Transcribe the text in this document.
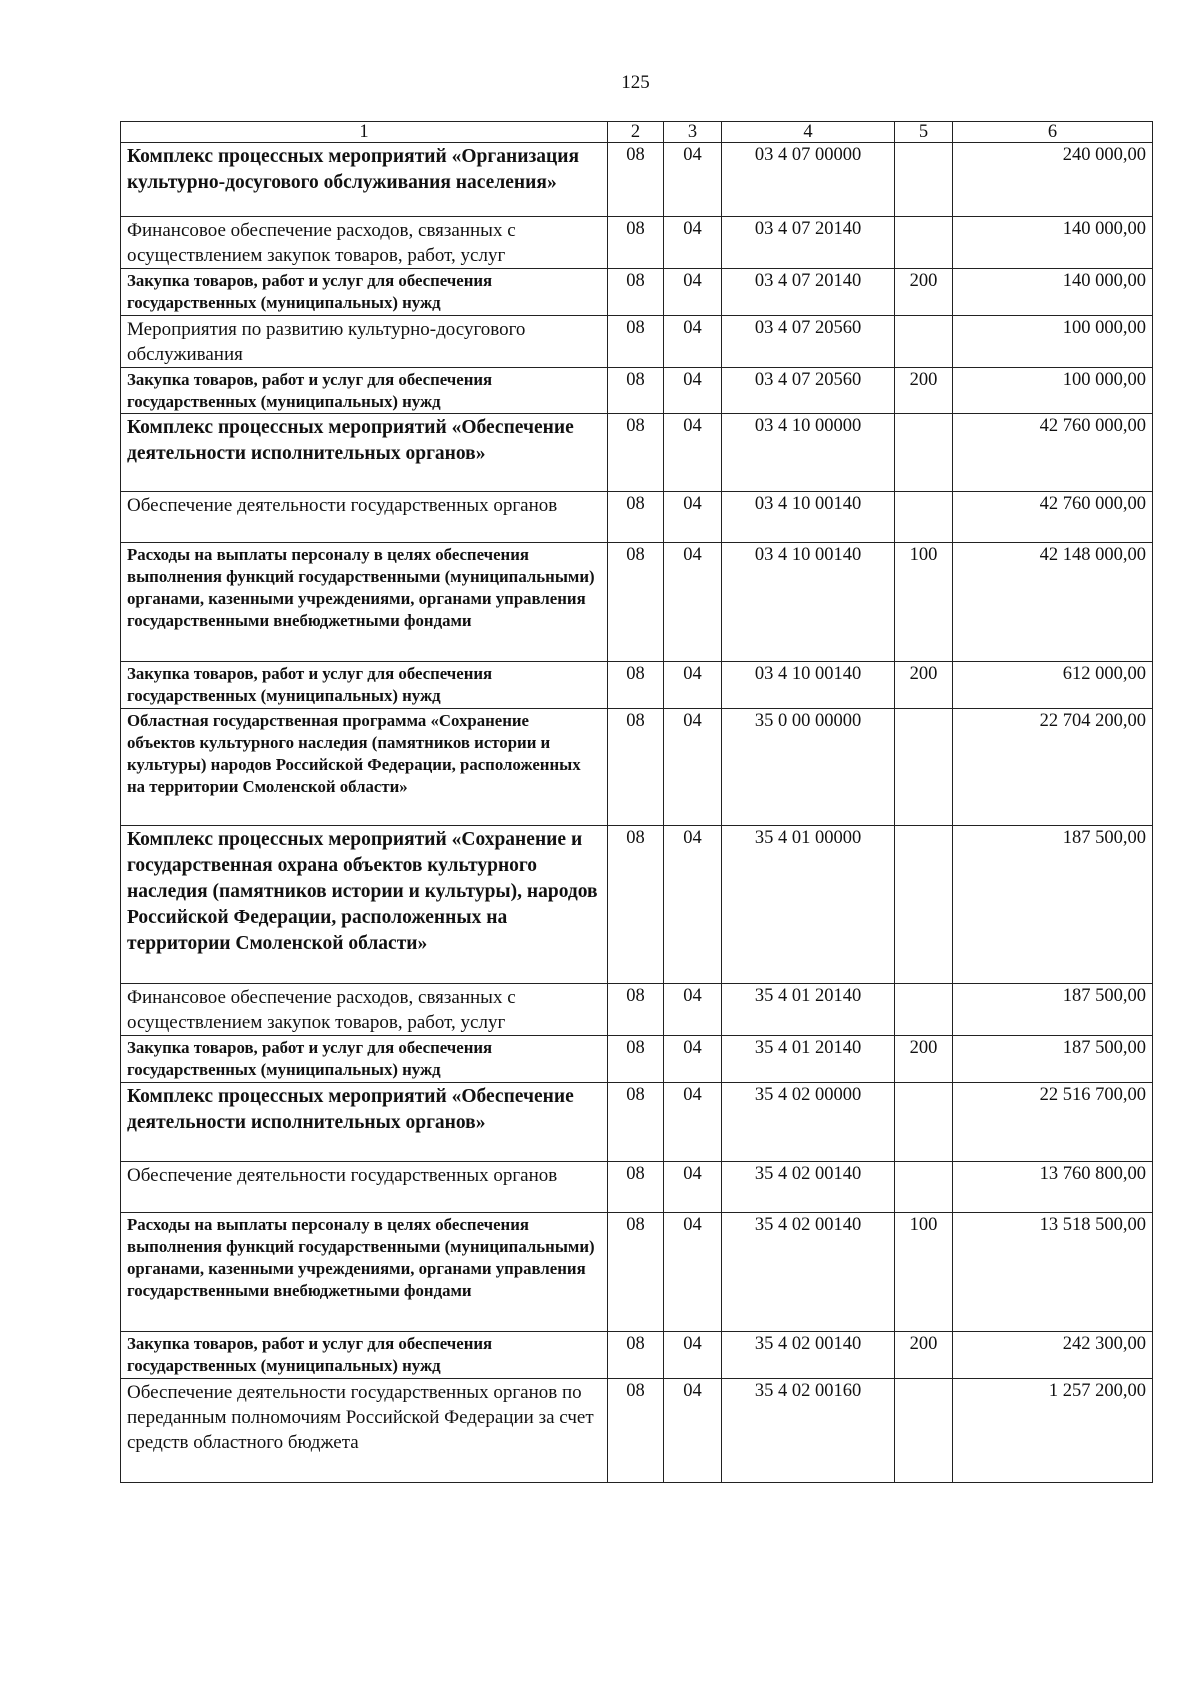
125
1	2	3	4	5	6
Комплекс процессных мероприятий «Организация культурно-досугового обслуживания населения»	08	04	03 4 07 00000		240 000,00
Финансовое обеспечение расходов, связанных с осуществлением закупок товаров, работ, услуг	08	04	03 4 07 20140		140 000,00
Закупка товаров, работ и услуг для обеспечения государственных (муниципальных) нужд	08	04	03 4 07 20140	200	140 000,00
Мероприятия по развитию культурно-досугового обслуживания	08	04	03 4 07 20560		100 000,00
Закупка товаров, работ и услуг для обеспечения государственных (муниципальных) нужд	08	04	03 4 07 20560	200	100 000,00
Комплекс процессных мероприятий «Обеспечение деятельности исполнительных органов»	08	04	03 4 10 00000		42 760 000,00
Обеспечение деятельности государственных органов	08	04	03 4 10 00140		42 760 000,00
Расходы на выплаты персоналу в целях обеспечения выполнения функций государственными (муниципальными) органами, казенными учреждениями, органами управления государственными внебюджетными фондами	08	04	03 4 10 00140	100	42 148 000,00
Закупка товаров, работ и услуг для обеспечения государственных (муниципальных) нужд	08	04	03 4 10 00140	200	612 000,00
Областная государственная программа «Сохранение объектов культурного наследия (памятников истории и культуры) народов Российской Федерации, расположенных на территории Смоленской области»	08	04	35 0 00 00000		22 704 200,00
Комплекс процессных мероприятий «Сохранение и государственная охрана объектов культурного наследия (памятников истории и культуры), народов Российской Федерации, расположенных на территории Смоленской области»	08	04	35 4 01 00000		187 500,00
Финансовое обеспечение расходов, связанных с осуществлением закупок товаров, работ, услуг	08	04	35 4 01 20140		187 500,00
Закупка товаров, работ и услуг для обеспечения государственных (муниципальных) нужд	08	04	35 4 01 20140	200	187 500,00
Комплекс процессных мероприятий «Обеспечение деятельности исполнительных органов»	08	04	35 4 02 00000		22 516 700,00
Обеспечение деятельности государственных органов	08	04	35 4 02 00140		13 760 800,00
Расходы на выплаты персоналу в целях обеспечения выполнения функций государственными (муниципальными) органами, казенными учреждениями, органами управления государственными внебюджетными фондами	08	04	35 4 02 00140	100	13 518 500,00
Закупка товаров, работ и услуг для обеспечения государственных (муниципальных) нужд	08	04	35 4 02 00140	200	242 300,00
Обеспечение деятельности государственных органов по переданным полномочиям Российской Федерации за счет средств областного бюджета	08	04	35 4 02 00160		1 257 200,00
